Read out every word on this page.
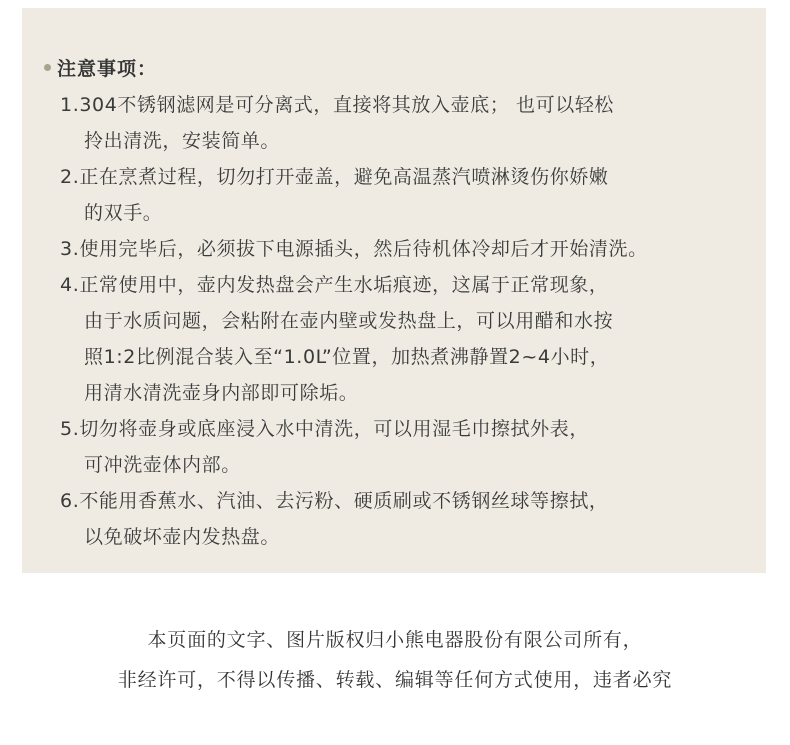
注意事项：
1.304不锈钢滤网是可分离式，直接将其放入壶底； 也可以轻松
拎出清洗，安装简单。
2.正在烹煮过程，切勿打开壶盖，避免高温蒸汽喷淋烫伤你娇嫩
的双手。
3.使用完毕后，必须拔下电源插头，然后待机体冷却后才开始清洗。
4.正常使用中，壶内发热盘会产生水垢痕迹，这属于正常现象，
由于水质问题，会粘附在壶内壁或发热盘上，可以用醋和水按
照1:2比例混合装入至“1.0L”位置，加热煮沸静置2~4小时，
用清水清洗壶身内部即可除垢。
5.切勿将壶身或底座浸入水中清洗，可以用湿毛巾擦拭外表，
可冲洗壶体内部。
6.不能用香蕉水、汽油、去污粉、硬质刷或不锈钢丝球等擦拭，
以免破坏壶内发热盘。
本页面的文字、图片版权归小熊电器股份有限公司所有，
非经许可，不得以传播、转载、编辑等任何方式使用，违者必究
